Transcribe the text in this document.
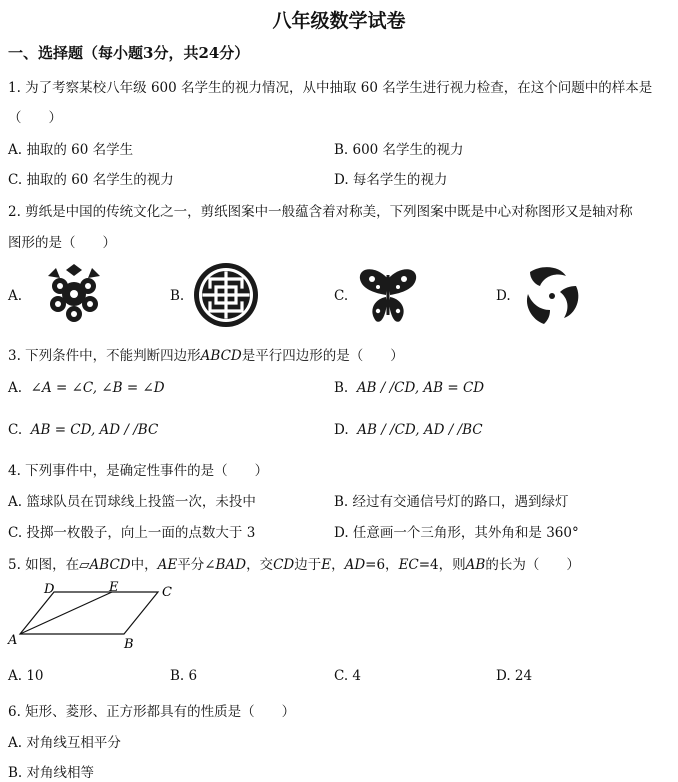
八年级数学试卷
一、选择题（每小题3分，共24分）
1. 为了考察某校八年级 600 名学生的视力情况，从中抽取 60 名学生进行视力检查，在这个问题中的样本是
（　　）
A. 抽取的 60 名学生	B. 600 名学生的视力
C. 抽取的 60 名学生的视力	D. 每名学生的视力
2. 剪纸是中国的传统文化之一，剪纸图案中一般蕴含着对称美，下列图案中既是中心对称图形又是轴对称
图形的是（　　）
A.	B.	C.	D.
3. 下列条件中，不能判断四边形ABCD是平行四边形的是（　　）
A. ∠A = ∠C, ∠B = ∠D	B. AB / /CD, AB = CD
C. AB = CD, AD / /BC	D. AB / /CD, AD / /BC
4. 下列事件中，是确定性事件的是（　　）
A. 篮球队员在罚球线上投篮一次，未投中	B. 经过有交通信号灯的路口，遇到绿灯
C. 投掷一枚骰子，向上一面的点数大于 3	D. 任意画一个三角形，其外角和是 360°
5. 如图，在▱ABCD中，AE平分∠BAD，交CD边于E，AD=6，EC=4，则AB的长为（　　）
D	E	C
A	B
A. 10	B. 6	C. 4	D. 24
6. 矩形、菱形、正方形都具有的性质是（　　）
A. 对角线互相平分
B. 对角线相等
